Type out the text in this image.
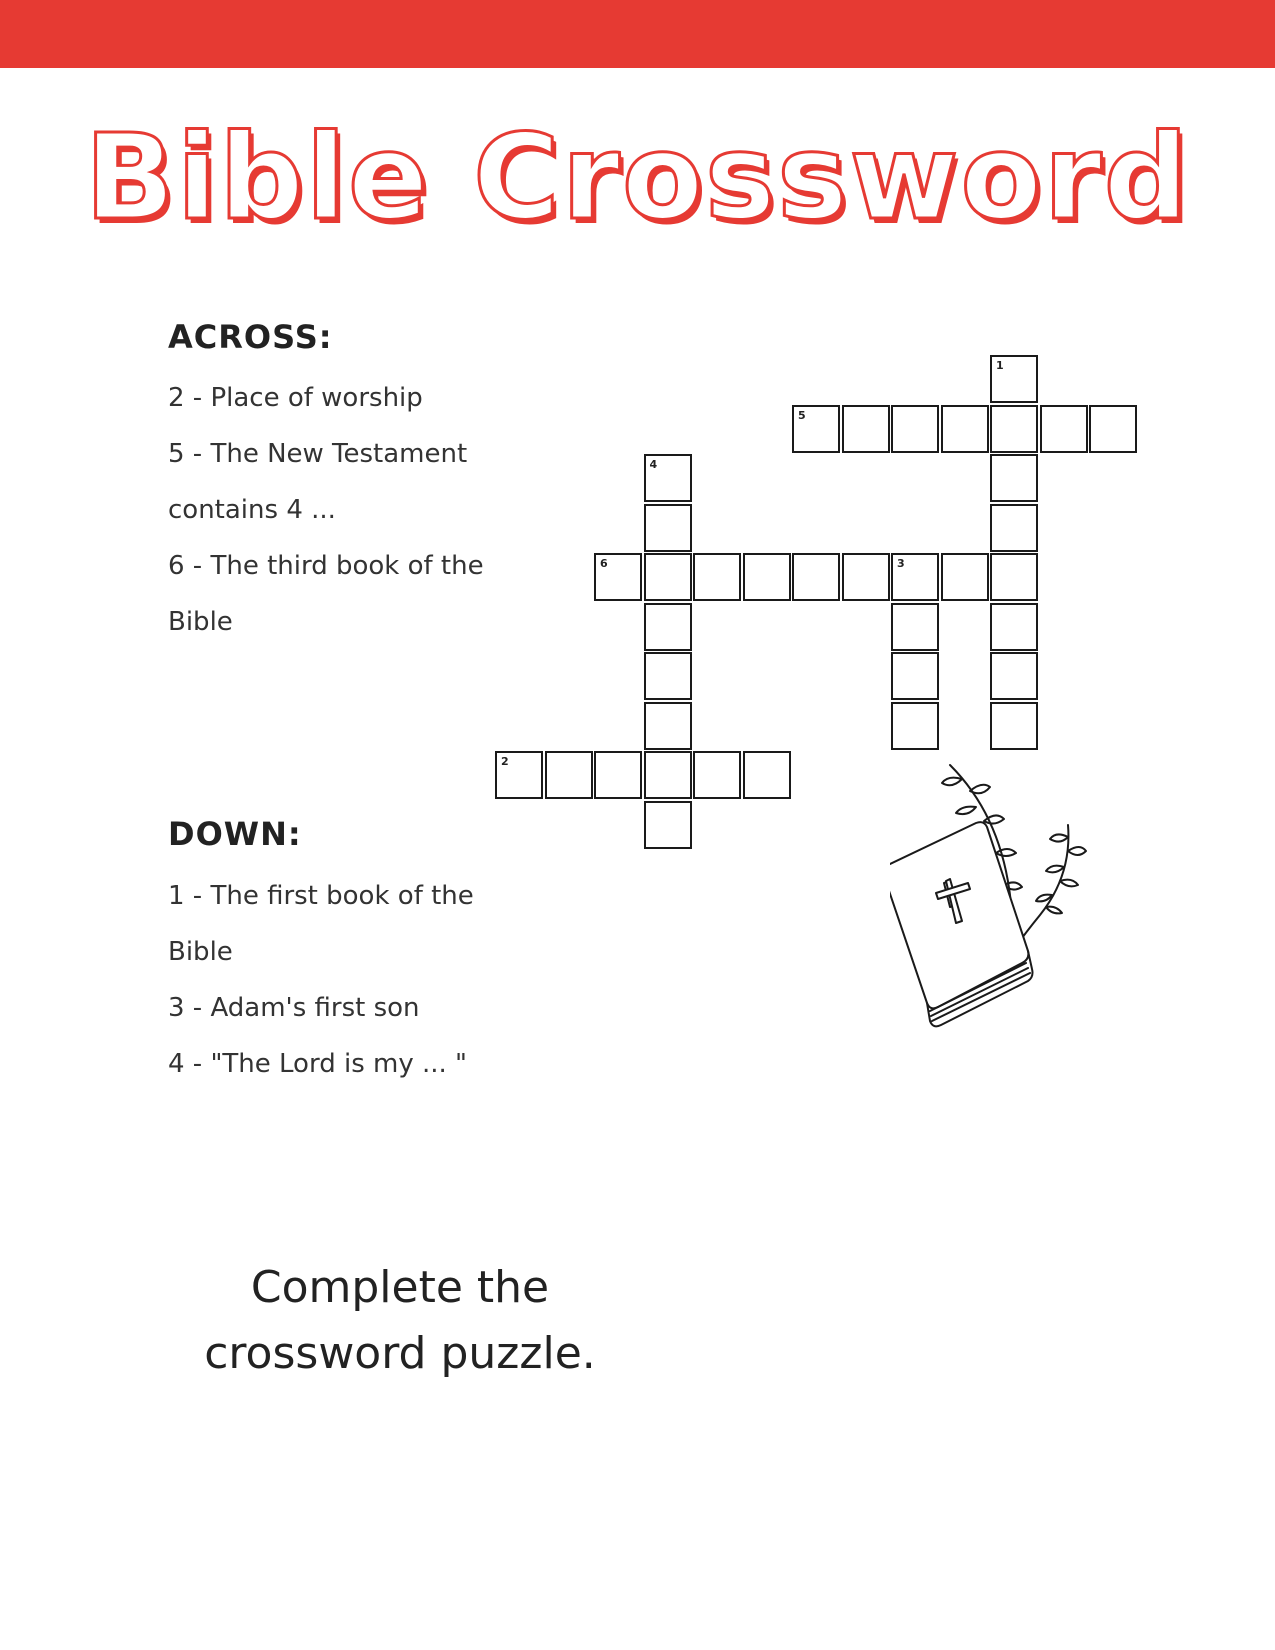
Bible Crossword
ACROSS:
2 - Place of worship
5 - The New Testament
contains 4 ...
6 - The third book of the
Bible
DOWN:
1 - The first book of the
Bible
3 - Adam's first son
4 - "The Lord is my ... "
1
5
4
6	3
2
Complete the
crossword puzzle.
